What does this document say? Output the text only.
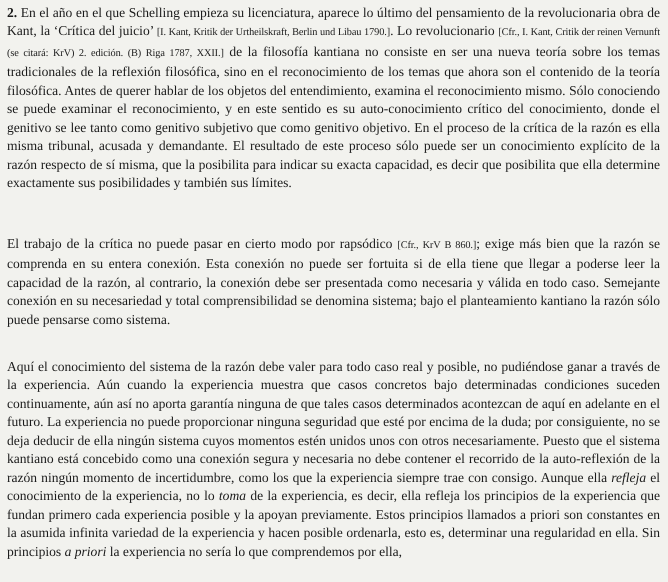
2. En el año en el que Schelling empieza su licenciatura, aparece lo último del pensamiento de la revolucionaria obra de Kant, la ‘Crítica del juicio’ [I. Kant, Kritik der Urtheilskraft, Berlin und Libau 1790.]. Lo revolucionario [Cfr., I. Kant, Critik der reinen Vernunft (se citará: KrV) 2. edición. (B) Riga 1787, XXII.] de la filosofía kantiana no consiste en ser una nueva teoría sobre los temas tradicionales de la reflexión filosófica, sino en el reconocimiento de los temas que ahora son el contenido de la teoría filosófica. Antes de querer hablar de los objetos del entendimiento, examina el reconocimiento mismo. Sólo conociendo se puede examinar el reconocimiento, y en este sentido es su auto-conocimiento crítico del conocimiento, donde el genitivo se lee tanto como genitivo subjetivo que como genitivo objetivo. En el proceso de la crítica de la razón es ella misma tribunal, acusada y demandante. El resultado de este proceso sólo puede ser un conocimiento explícito de la razón respecto de sí misma, que la posibilita para indicar su exacta capacidad, es decir que posibilita que ella determine exactamente sus posibilidades y también sus límites.

El trabajo de la crítica no puede pasar en cierto modo por rapsódico [Cfr., KrV B 860.]; exige más bien que la razón se comprenda en su entera conexión. Esta conexión no puede ser fortuita si de ella tiene que llegar a poderse leer la capacidad de la razón, al contrario, la conexión debe ser presentada como necesaria y válida en todo caso. Semejante conexión en su necesariedad y total comprensibilidad se denomina sistema; bajo el planteamiento kantiano la razón sólo puede pensarse como sistema.

Aquí el conocimiento del sistema de la razón debe valer para todo caso real y posible, no pudiéndose ganar a través de la experiencia. Aún cuando la experiencia muestra que casos concretos bajo determinadas condiciones suceden continuamente, aún así no aporta garantía ninguna de que tales casos determinados acontezcan de aquí en adelante en el futuro. La experiencia no puede proporcionar ninguna seguridad que esté por encima de la duda; por consiguiente, no se deja deducir de ella ningún sistema cuyos momentos estén unidos unos con otros necesariamente. Puesto que el sistema kantiano está concebido como una conexión segura y necesaria no debe contener el recorrido de la auto-reflexión de la razón ningún momento de incertidumbre, como los que la experiencia siempre trae con consigo. Aunque ella refleja el conocimiento de la experiencia, no lo toma de la experiencia, es decir, ella refleja los principios de la experiencia que fundan primero cada experiencia posible y la apoyan previamente. Estos principios llamados a priori son constantes en la asumida infinita variedad de la experiencia y hacen posible ordenarla, esto es, determinar una regularidad en ella. Sin principios a priori la experiencia no sería lo que comprendemos por ella,
